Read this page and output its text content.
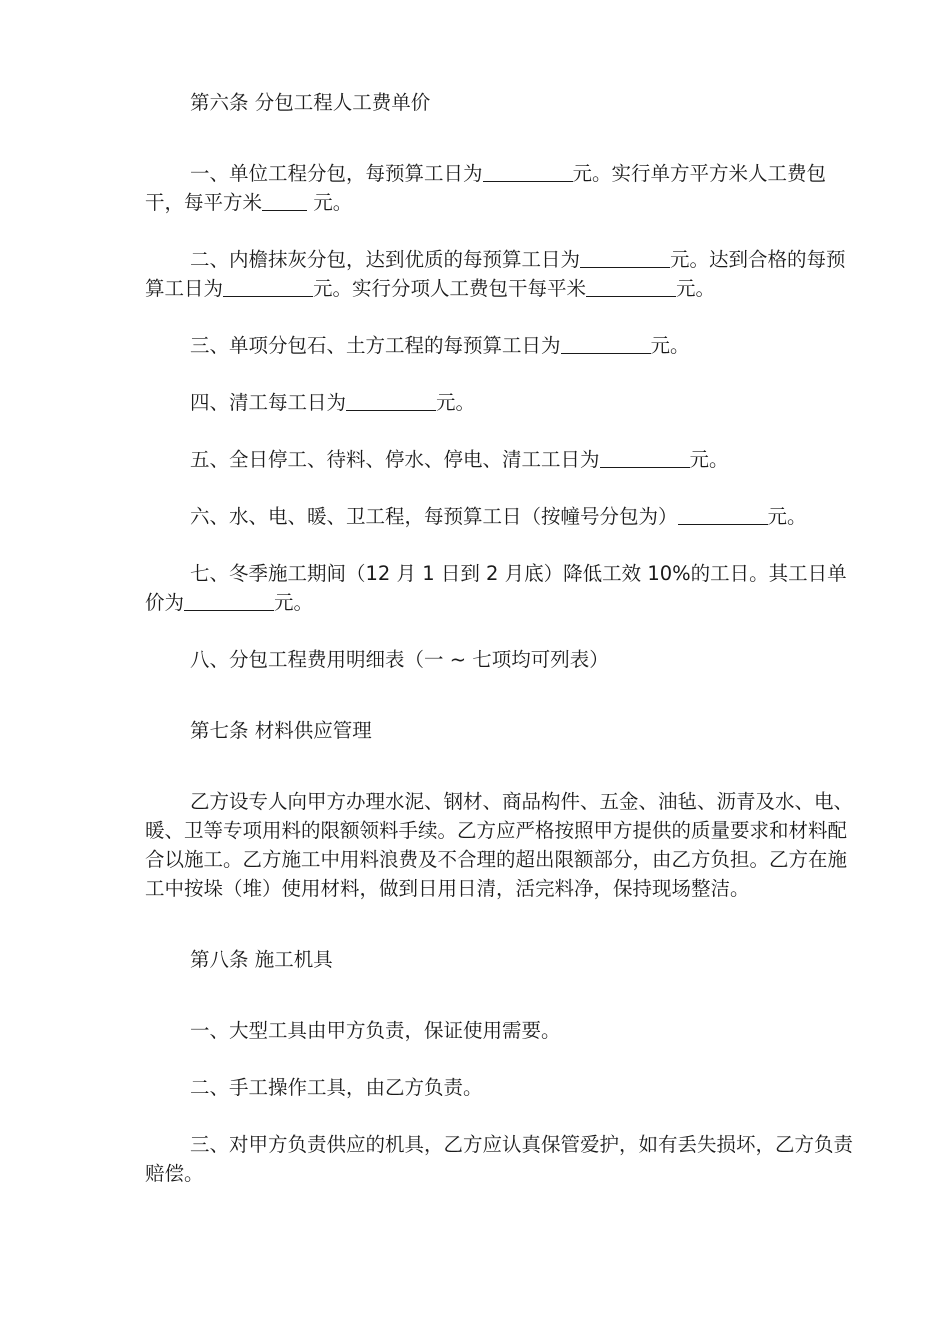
第六条 分包工程人工费单价

一、单位工程分包，每预算工日为	元。实行单方平方米人工费包干，每平方米 元。

二、内檐抹灰分包，达到优质的每预算工日为	元。达到合格的每预算工日为	元。实行分项人工费包干每平米	元。

三、单项分包石、土方工程的每预算工日为	元。

四、清工每工日为	元。

五、全日停工、待料、停水、停电、清工工日为	元。

六、水、电、暖、卫工程，每预算工日（按幢号分包为）	元。

七、冬季施工期间（12 月 1 日到 2 月底）降低工效 10%的工日。其工日单价为	元。

八、分包工程费用明细表（一 ~ 七项均可列表）

第七条 材料供应管理

乙方设专人向甲方办理水泥、钢材、商品构件、五金、油毡、沥青及水、电、暖、卫等专项用料的限额领料手续。乙方应严格按照甲方提供的质量要求和材料配合以施工。乙方施工中用料浪费及不合理的超出限额部分，由乙方负担。乙方在施工中按垛（堆）使用材料，做到日用日清，活完料净，保持现场整洁。

第八条 施工机具

一、大型工具由甲方负责，保证使用需要。

二、手工操作工具，由乙方负责。

三、对甲方负责供应的机具，乙方应认真保管爱护，如有丢失损坏，乙方负责赔偿。
